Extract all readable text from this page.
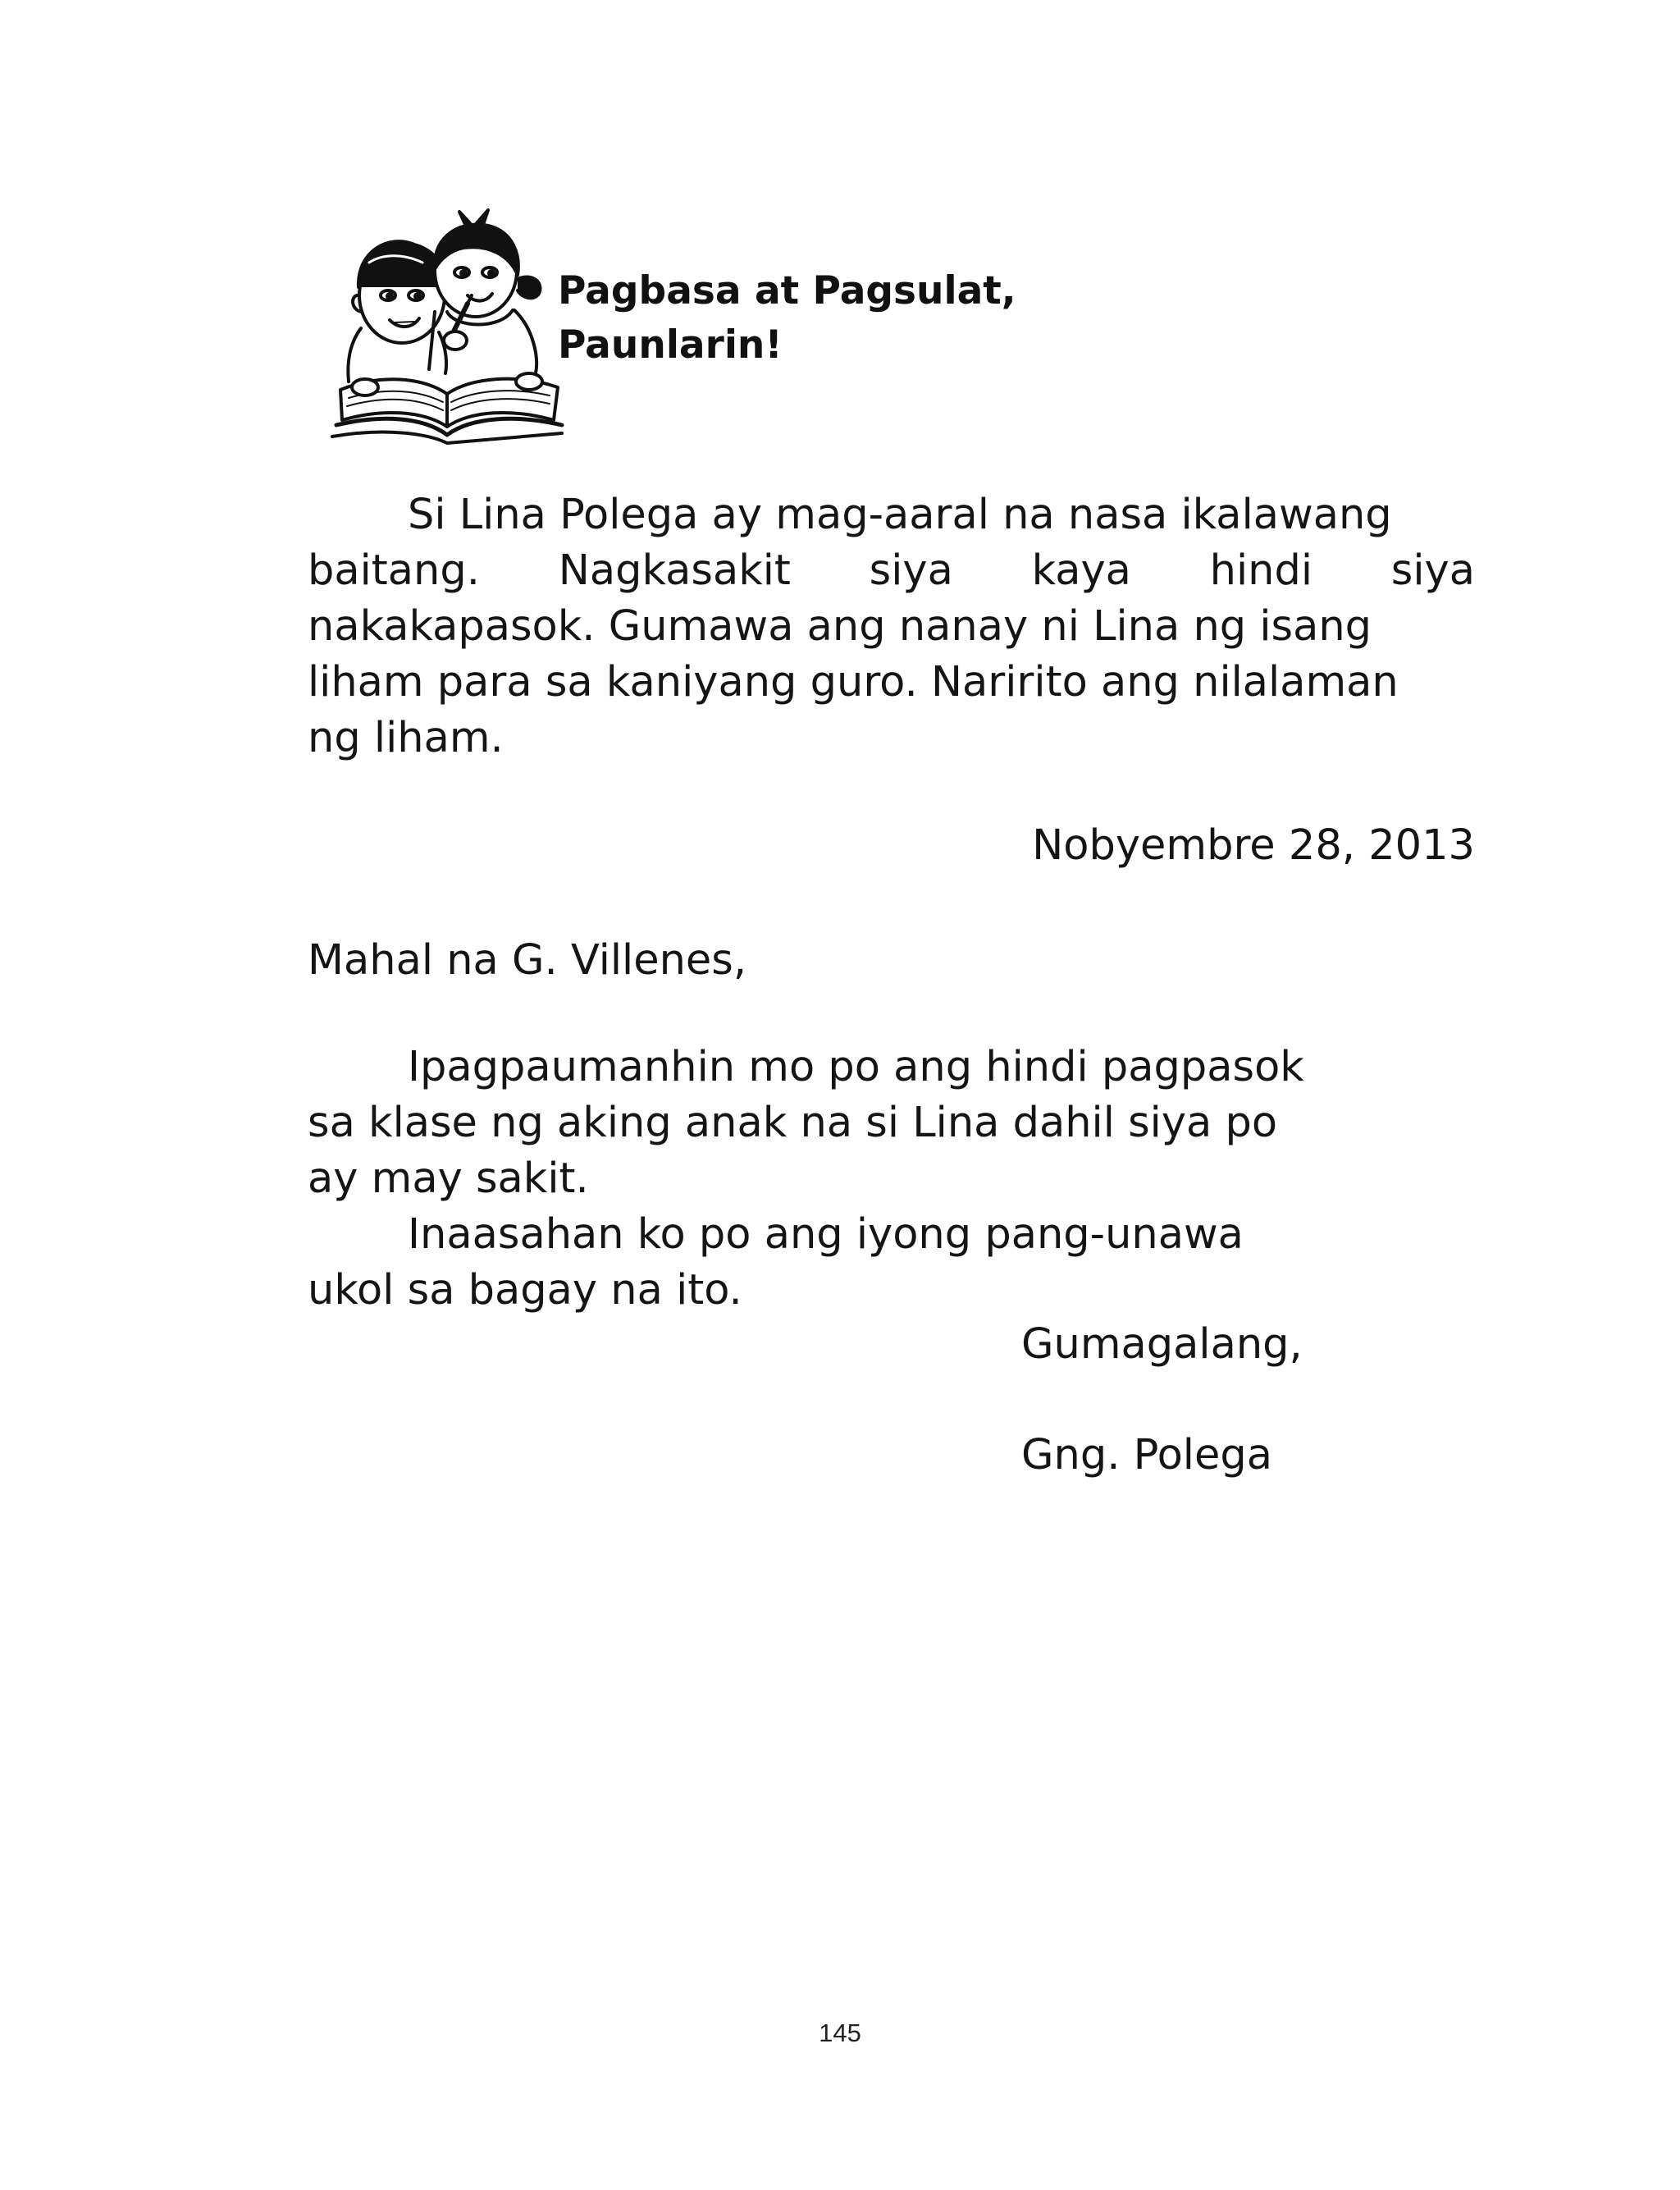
Pagbasa at Pagsulat,
Paunlarin!
Si Lina Polega ay mag-aaral na nasa ikalawang
baitang. Nagkasakit siya kaya hindi siya
nakakapasok. Gumawa ang nanay ni Lina ng isang
liham para sa kaniyang guro. Naririto ang nilalaman
ng liham.
Nobyembre 28, 2013
Mahal na G. Villenes,
Ipagpaumanhin mo po ang hindi pagpasok
sa klase ng aking anak na si Lina dahil siya po
ay may sakit.
Inaasahan ko po ang iyong pang-unawa
ukol sa bagay na ito.
Gumagalang,
Gng. Polega
145
